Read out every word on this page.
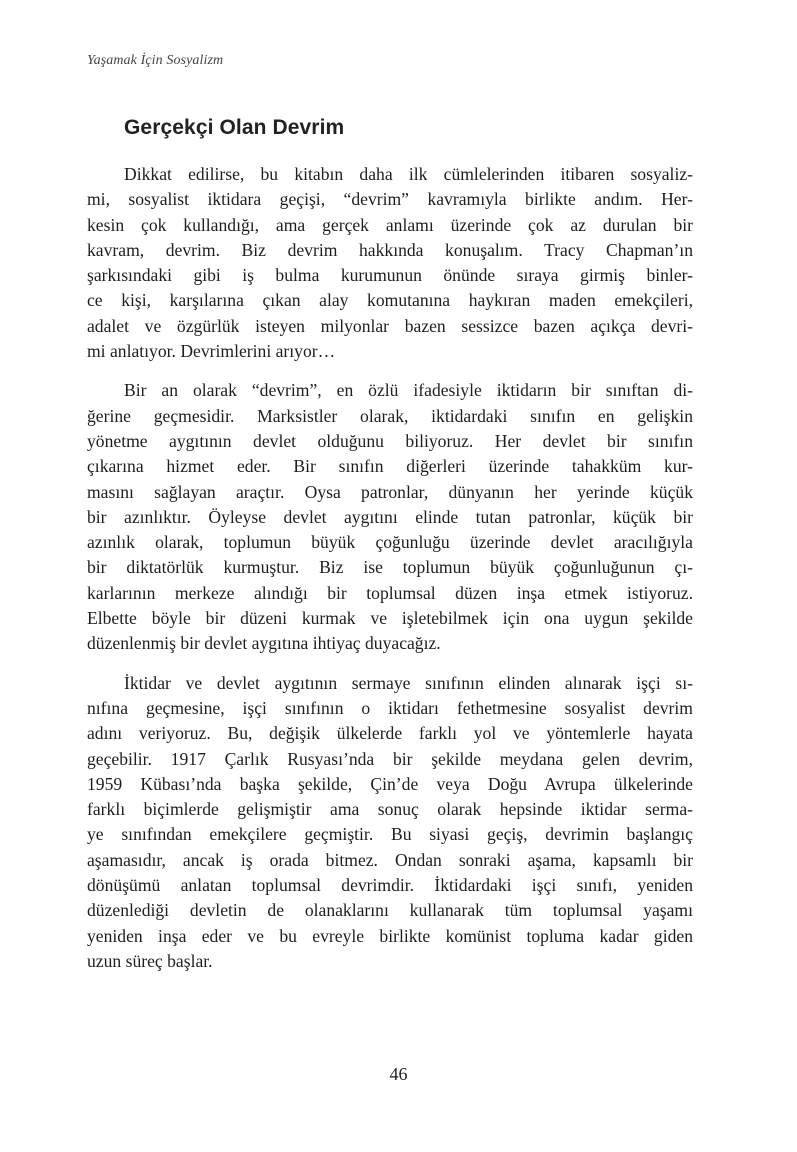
Yaşamak İçin Sosyalizm
Gerçekçi Olan Devrim

Dikkat edilirse, bu kitabın daha ilk cümlelerinden itibaren sosyaliz-
mi, sosyalist iktidara geçişi, “devrim” kavramıyla birlikte andım. Her-
kesin çok kullandığı, ama gerçek anlamı üzerinde çok az durulan bir
kavram, devrim. Biz devrim hakkında konuşalım. Tracy Chapman’ın
şarkısındaki gibi iş bulma kurumunun önünde sıraya girmiş binler-
ce kişi, karşılarına çıkan alay komutanına haykıran maden emekçileri,
adalet ve özgürlük isteyen milyonlar bazen sessizce bazen açıkça devri-
mi anlatıyor. Devrimlerini arıyor…

Bir an olarak “devrim”, en özlü ifadesiyle iktidarın bir sınıftan di-
ğerine geçmesidir. Marksistler olarak, iktidardaki sınıfın en gelişkin
yönetme aygıtının devlet olduğunu biliyoruz. Her devlet bir sınıfın
çıkarına hizmet eder. Bir sınıfın diğerleri üzerinde tahakküm kur-
masını sağlayan araçtır. Oysa patronlar, dünyanın her yerinde küçük
bir azınlıktır. Öyleyse devlet aygıtını elinde tutan patronlar, küçük bir
azınlık olarak, toplumun büyük çoğunluğu üzerinde devlet aracılığıyla
bir diktatörlük kurmuştur. Biz ise toplumun büyük çoğunluğunun çı-
karlarının merkeze alındığı bir toplumsal düzen inşa etmek istiyoruz.
Elbette böyle bir düzeni kurmak ve işletebilmek için ona uygun şekilde
düzenlenmiş bir devlet aygıtına ihtiyaç duyacağız.

İktidar ve devlet aygıtının sermaye sınıfının elinden alınarak işçi sı-
nıfına geçmesine, işçi sınıfının o iktidarı fethetmesine sosyalist devrim
adını veriyoruz. Bu, değişik ülkelerde farklı yol ve yöntemlerle hayata
geçebilir. 1917 Çarlık Rusyası’nda bir şekilde meydana gelen devrim,
1959 Kübası’nda başka şekilde, Çin’de veya Doğu Avrupa ülkelerinde
farklı biçimlerde gelişmiştir ama sonuç olarak hepsinde iktidar serma-
ye sınıfından emekçilere geçmiştir. Bu siyasi geçiş, devrimin başlangıç
aşamasıdır, ancak iş orada bitmez. Ondan sonraki aşama, kapsamlı bir
dönüşümü anlatan toplumsal devrimdir. İktidardaki işçi sınıfı, yeniden
düzenlediği devletin de olanaklarını kullanarak tüm toplumsal yaşamı
yeniden inşa eder ve bu evreyle birlikte komünist topluma kadar giden
uzun süreç başlar.

46
